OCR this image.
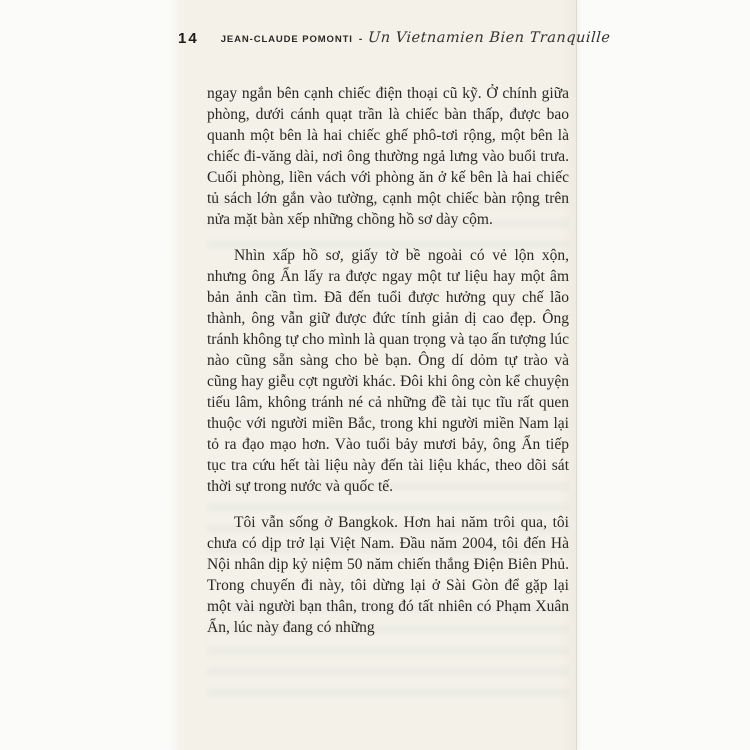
14 JEAN-CLAUDE POMONTI - Un Vietnamien Bien Tranquille

ngay ngắn bên cạnh chiếc điện thoại cũ kỹ. Ở chính giữa phòng, dưới cánh quạt trần là chiếc bàn thấp, được bao quanh một bên là hai chiếc ghế phô-tơi rộng, một bên là chiếc đi-văng dài, nơi ông thường ngả lưng vào buổi trưa. Cuối phòng, liền vách với phòng ăn ở kế bên là hai chiếc tủ sách lớn gắn vào tường, cạnh một chiếc bàn rộng trên nửa mặt bàn xếp những chồng hồ sơ dày cộm.

Nhìn xấp hồ sơ, giấy tờ bề ngoài có vẻ lộn xộn, nhưng ông Ẩn lấy ra được ngay một tư liệu hay một âm bản ảnh cần tìm. Đã đến tuổi được hưởng quy chế lão thành, ông vẫn giữ được đức tính giản dị cao đẹp. Ông tránh không tự cho mình là quan trọng và tạo ấn tượng lúc nào cũng sẵn sàng cho bè bạn. Ông dí dỏm tự trào và cũng hay giễu cợt người khác. Đôi khi ông còn kể chuyện tiếu lâm, không tránh né cả những đề tài tục tĩu rất quen thuộc với người miền Bắc, trong khi người miền Nam lại tỏ ra đạo mạo hơn. Vào tuổi bảy mươi bảy, ông Ẩn tiếp tục tra cứu hết tài liệu này đến tài liệu khác, theo dõi sát thời sự trong nước và quốc tế.

Tôi vẫn sống ở Bangkok. Hơn hai năm trôi qua, tôi chưa có dịp trở lại Việt Nam. Đầu năm 2004, tôi đến Hà Nội nhân dịp kỷ niệm 50 năm chiến thắng Điện Biên Phủ. Trong chuyến đi này, tôi dừng lại ở Sài Gòn để gặp lại một vài người bạn thân, trong đó tất nhiên có Phạm Xuân Ẩn, lúc này đang có những
